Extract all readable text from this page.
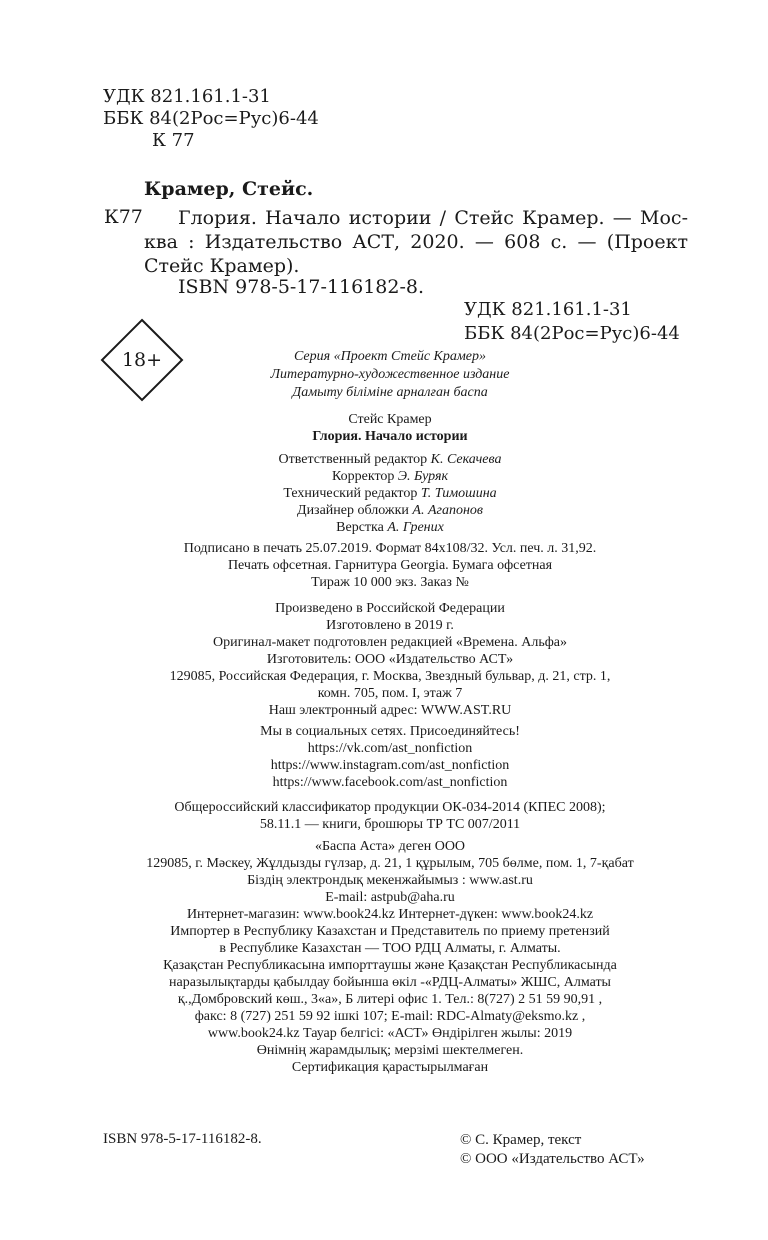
УДК 821.161.1-31
ББК 84(2Рос=Рус)6-44
К 77
Крамер, Стейс.
К77 Глория. Начало истории / Стейс Крамер. — Мос-
ква : Издательство АСТ, 2020. — 608 с. — (Проект
Стейс Крамер).
ISBN 978-5-17-116182-8.
УДК 821.161.1-31
ББК 84(2Рос=Рус)6-44
18+	Серия «Проект Стейс Крамер»
Литературно-художественное издание
Дамыту біліміне арналған баспа
Стейс Крамер
Глория. Начало истории
Ответственный редактор К. Секачева
Корректор Э. Буряк
Технический редактор Т. Тимошина
Дизайнер обложки А. Агапонов
Верстка А. Грених
Подписано в печать 25.07.2019. Формат 84x108/32. Усл. печ. л. 31,92.
Печать офсетная. Гарнитура Georgia. Бумага офсетная
Тираж 10 000 экз. Заказ №
Произведено в Российской Федерации
Изготовлено в 2019 г.
Оригинал-макет подготовлен редакцией «Времена. Альфа»
Изготовитель: ООО «Издательство АСТ»
129085, Российская Федерация, г. Москва, Звездный бульвар, д. 21, стр. 1,
комн. 705, пом. I, этаж 7
Наш электронный адрес: WWW.AST.RU
Мы в социальных сетях. Присоединяйтесь!
https://vk.com/ast_nonfiction
https://www.instagram.com/ast_nonfiction
https://www.facebook.com/ast_nonfiction
Общероссийский классификатор продукции ОК-034-2014 (КПЕС 2008);
58.11.1 — книги, брошюры ТР ТС 007/2011
«Баспа Аста» деген ООО
129085, г. Мәскеу, Жұлдызды гүлзар, д. 21, 1 құрылым, 705 бөлме, пом. 1, 7-қабат
Біздің электрондық мекенжайымыз : www.ast.ru
E-mail: astpub@aha.ru
Интернет-магазин: www.book24.kz Интернет-дүкен: www.book24.kz
Импортер в Республику Казахстан и Представитель по приему претензий
в Республике Казахстан — ТОО РДЦ Алматы, г. Алматы.
Қазақстан Республикасына импорттаушы және Қазақстан Республикасында
наразылықтарды қабылдау бойынша өкіл -«РДЦ-Алматы» ЖШС, Алматы
қ.,Домбровский көш., 3«а», Б литері офис 1. Тел.: 8(727) 2 51 59 90,91 ,
факс: 8 (727) 251 59 92 ішкі 107; E-mail: RDC-Almaty@eksmo.kz ,
www.book24.kz Тауар белгісі: «АСТ» Өндірілген жылы: 2019
Өнімнің жарамдылық; мерзімі шектелмеген.
Сертификация қарастырылмаған
ISBN 978-5-17-116182-8.	© С. Крамер, текст
© ООО «Издательство АСТ»
